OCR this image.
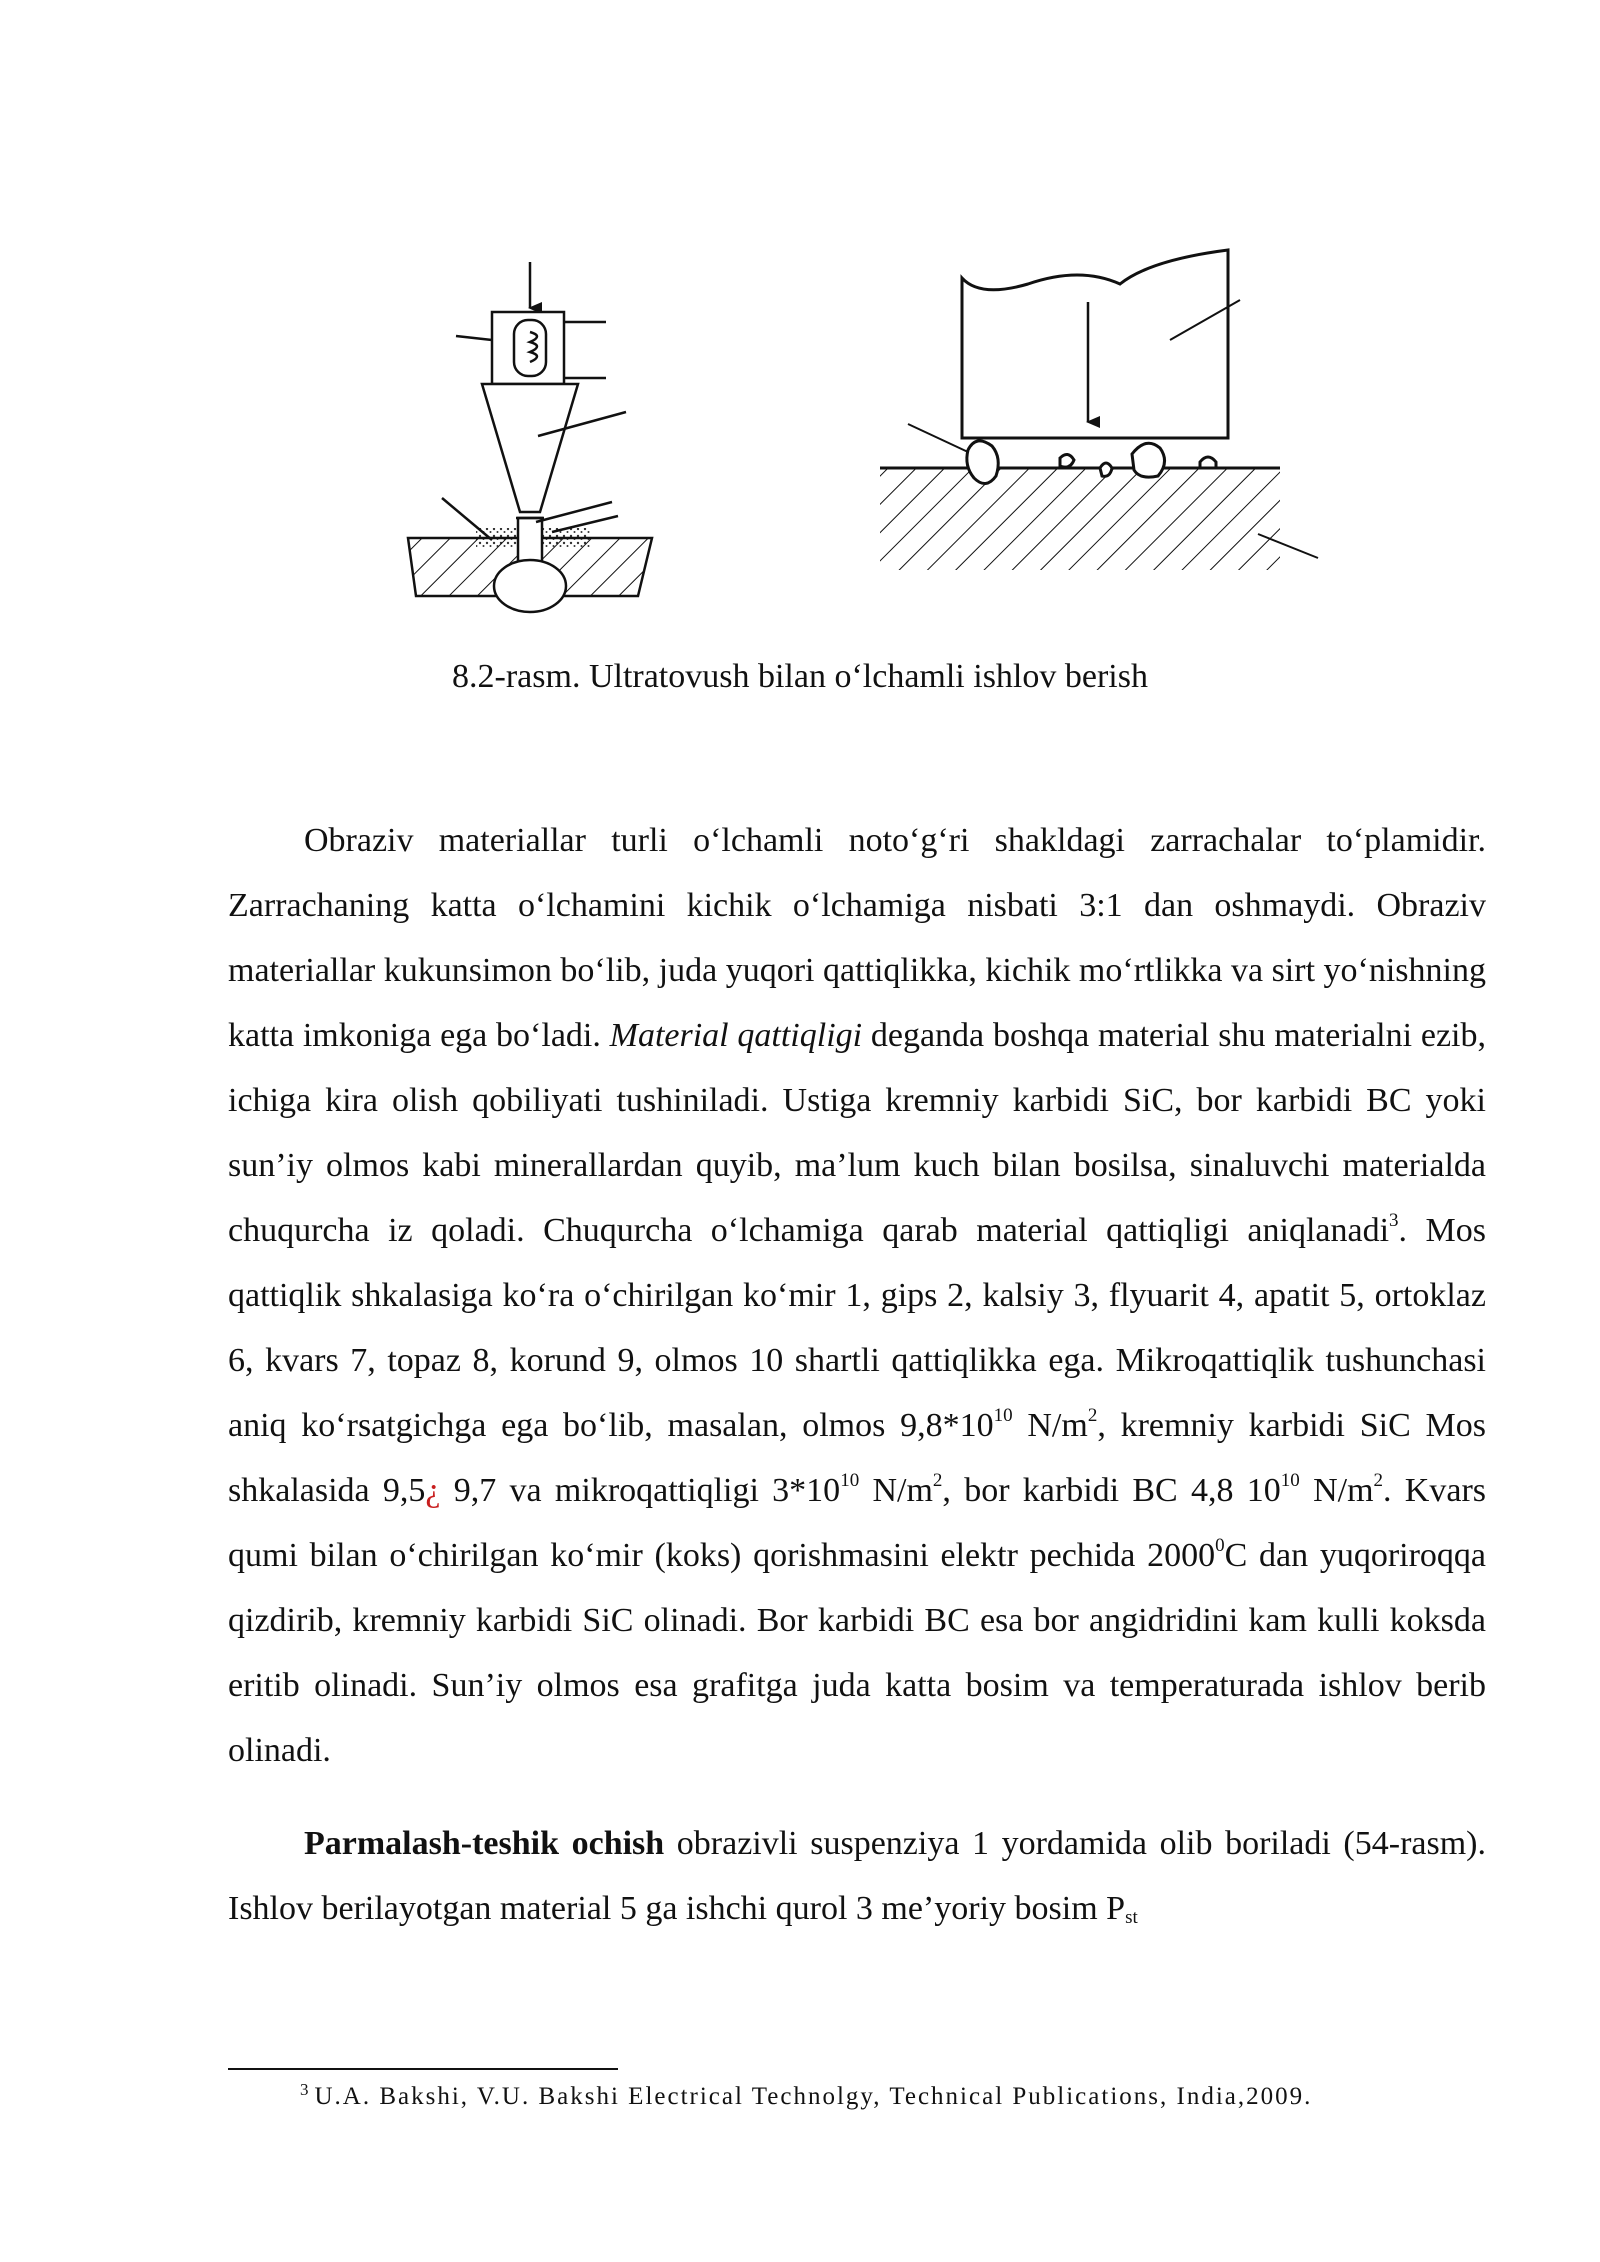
8.2-rasm. Ultratovush bilan o‘lchamli ishlov berish

Obraziv materiallar turli o‘lchamli noto‘g‘ri shakldagi zarrachalar to‘plamidir. Zarrachaning katta o‘lchamini kichik o‘lchamiga nisbati 3:1 dan oshmaydi. Obraziv materiallar kukunsimon bo‘lib, juda yuqori qattiqlikka, kichik mo‘rtlikka va sirt yo‘nishning katta imkoniga ega bo‘ladi. Material qattiqligi deganda boshqa material shu materialni ezib, ichiga kira olish qobiliyati tushiniladi. Ustiga kremniy karbidi SiC, bor karbidi BC yoki sun’iy olmos kabi minerallardan quyib, ma’lum kuch bilan bosilsa, sinaluvchi materialda chuqurcha iz qoladi. Chuqurcha o‘lchamiga qarab material qattiqligi aniqlanadi$^3$. Mos qattiqlik shkalasiga ko‘ra o‘chirilgan ko‘mir 1, gips 2, kalsiy 3, flyuarit 4, apatit 5, ortoklaz 6, kvars 7, topaz 8, korund 9, olmos 10 shartli qattiqlikka ega. Mikroqattiqlik tushunchasi aniq ko‘rsatgichga ega bo‘lib, masalan, olmos $9,8*10^{10}$ $N/m^2$, kremniy karbidi SiC Mos shkalasida 9,5¿ 9,7 va mikroqattiqligi $3*10^{10}$ $N/m^2$, bor karbidi BC 4,8 $10^{10}$ $N/m^2$. Kvars qumi bilan o‘chirilgan ko‘mir (koks) qorishmasini elektr pechida 2000$^0$C dan yuqoriroqqa qizdirib, kremniy karbidi SiC olinadi. Bor karbidi BC esa bor angidridini kam kulli koksda eritib olinadi. Sun’iy olmos esa grafitga juda katta bosim va temperaturada ishlov berib olinadi.

Parmalash-teshik ochish obrazivli suspenziya 1 yordamida olib boriladi (54-rasm). Ishlov berilayotgan material 5 ga ishchi qurol 3 me’yoriy bosim $P_{st}$

$^3$ U.A. Bakshi, V.U. Bakshi Electrical Technolgy, Technical Publications, India,2009.
